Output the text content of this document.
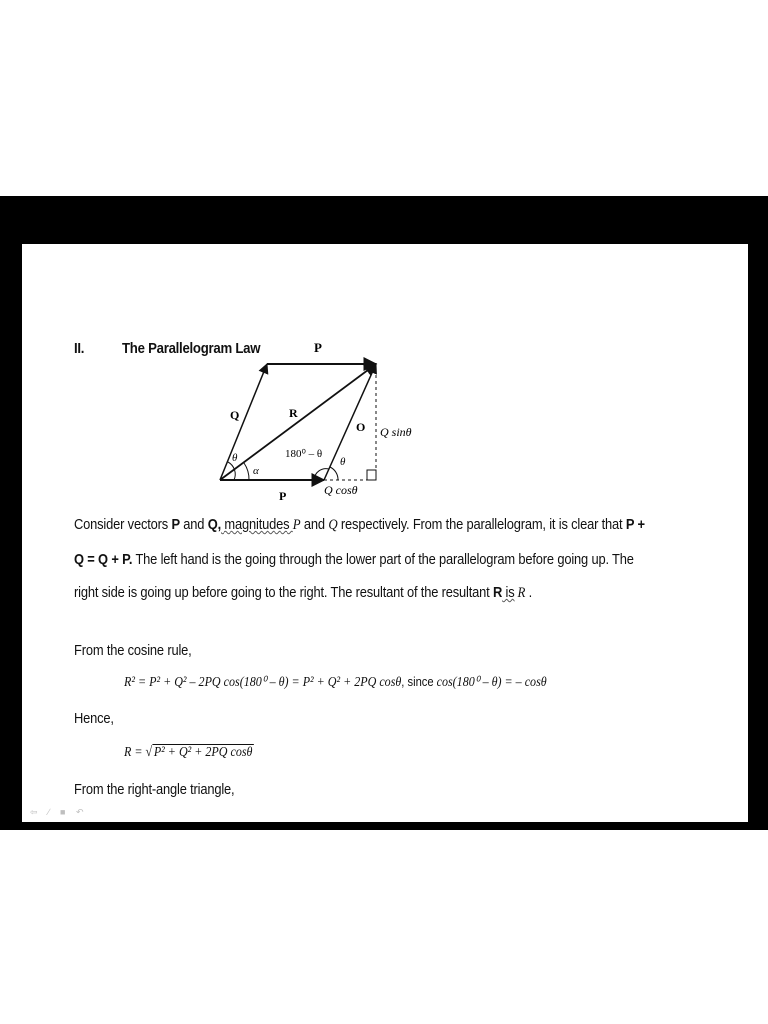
II.	The Parallelogram Law	P
Q	R
O Q sinθ
θ
α
180⁰ – θ
θ
P	Q cosθ
Consider vectors P and Q, magnitudes P and Q respectively. From the parallelogram, it is clear that P +
Q = Q + P. The left hand is the going through the lower part of the parallelogram before going up. The
right side is going up before going to the right. The resultant of the resultant R is R .
From the cosine rule,
R² = P² + Q² – 2PQ cos(180⁰ – θ) = P² + Q² + 2PQ cosθ, since cos(180⁰ – θ) = – cosθ
Hence,
R = √ P² + Q² + 2PQ cosθ
From the right-angle triangle,
⇦ ∕ ■ ↶
